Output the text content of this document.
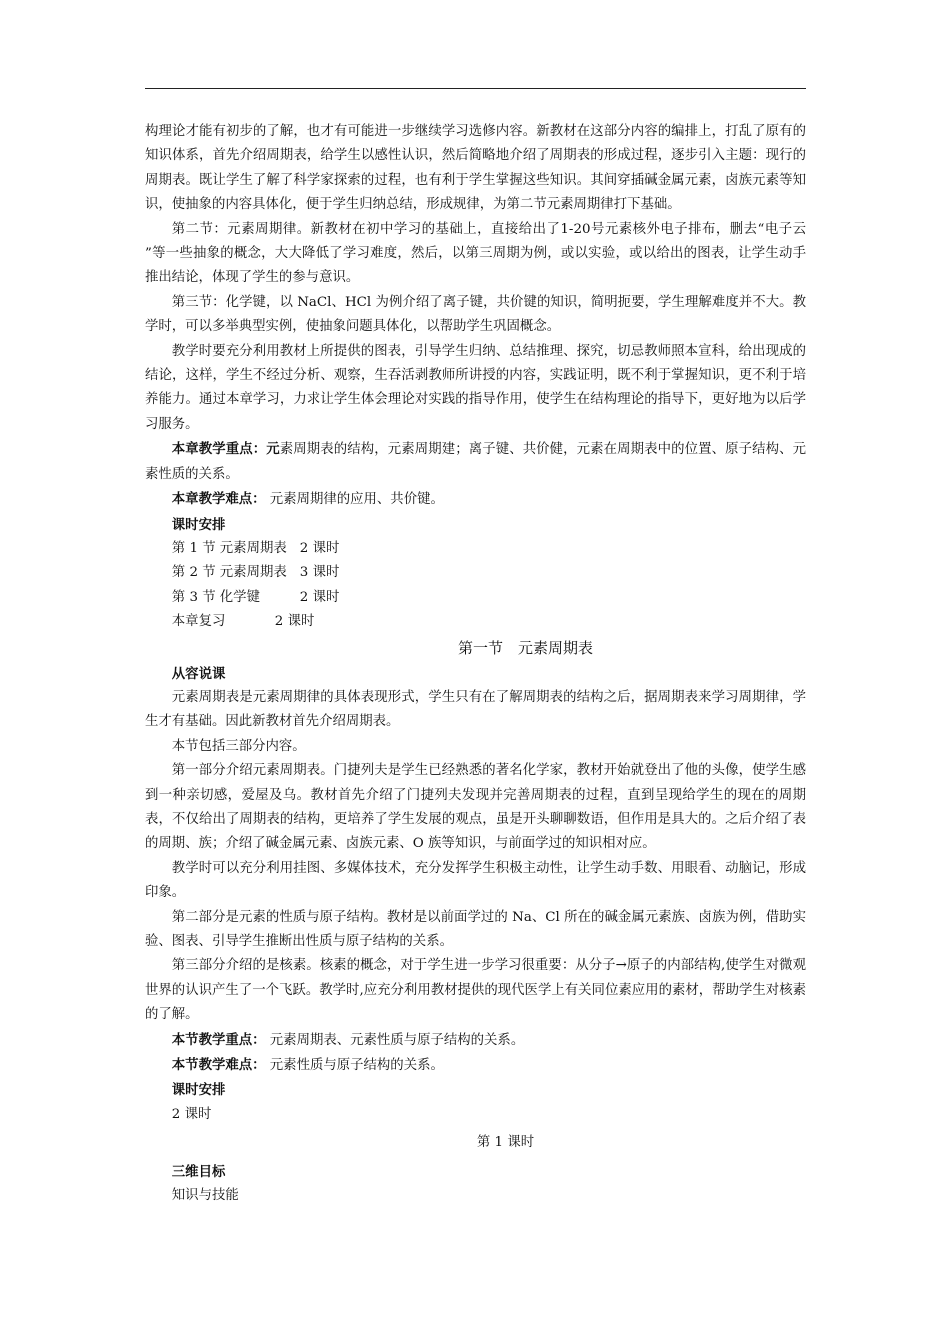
构理论才能有初步的了解，也才有可能进一步继续学习选修内容。新教材在这部分内容的编排上，打乱了原有的知识体系，首先介绍周期表，给学生以感性认识，然后简略地介绍了周期表的形成过程，逐步引入主题：现行的周期表。既让学生了解了科学家探索的过程，也有利于学生掌握这些知识。其间穿插碱金属元素，卤族元素等知识，使抽象的内容具体化，便于学生归纳总结，形成规律，为第二节元素周期律打下基础。

第二节：元素周期律。新教材在初中学习的基础上，直接给出了1-20号元素核外电子排布，删去“电子云 ”等一些抽象的概念，大大降低了学习难度，然后，以第三周期为例，或以实验，或以给出的图表，让学生动手推出结论，体现了学生的参与意识。

第三节：化学键，以 NaCl、HCl 为例介绍了离子键，共价键的知识，简明扼要，学生理解难度并不大。教学时，可以多举典型实例，使抽象问题具体化，以帮助学生巩固概念。

教学时要充分利用教材上所提供的图表，引导学生归纳、总结推理、探究，切忌教师照本宣科，给出现成的结论，这样，学生不经过分析、观察，生吞活剥教师所讲授的内容，实践证明，既不利于掌握知识，更不利于培养能力。通过本章学习，力求让学生体会理论对实践的指导作用，使学生在结构理论的指导下，更好地为以后学习服务。

本章教学重点：元素周期表的结构，元素周期建；离子键、共价健，元素在周期表中的位置、原子结构、元素性质的关系。

本章教学难点： 元素周期律的应用、共价键。

课时安排

第 1 节 元素周期表 2 课时

第 2 节 元素周期表 3 课时

第 3 节 化学键	2 课时

本章复习	2 课时

第一节　元素周期表

从容说课

元素周期表是元素周期律的具体表现形式，学生只有在了解周期表的结构之后，据周期表来学习周期律，学生才有基础。因此新教材首先介绍周期表。

本节包括三部分内容。

第一部分介绍元素周期表。门捷列夫是学生已经熟悉的著名化学家，教材开始就登出了他的头像，使学生感到一种亲切感，爱屋及乌。教材首先介绍了门捷列夫发现并完善周期表的过程，直到呈现给学生的现在的周期表，不仅给出了周期表的结构，更培养了学生发展的观点，虽是开头聊聊数语，但作用是具大的。之后介绍了表的周期、族；介绍了碱金属元素、卤族元素、O 族等知识，与前面学过的知识相对应。

教学时可以充分利用挂图、多媒体技术，充分发挥学生积极主动性，让学生动手数、用眼看、动脑记，形成印象。

第二部分是元素的性质与原子结构。教材是以前面学过的 Na、Cl 所在的碱金属元素族、卤族为例，借助实验、图表、引导学生推断出性质与原子结构的关系。

第三部分介绍的是核素。核素的概念，对于学生进一步学习很重要：从分子→原子的内部结构,使学生对微观世界的认识产生了一个飞跃。教学时,应充分利用教材提供的现代医学上有关同位素应用的素材，帮助学生对核素的了解。

本节教学重点： 元素周期表、元素性质与原子结构的关系。

本节教学难点： 元素性质与原子结构的关系。

课时安排

2 课时

第 1 课时

三维目标

知识与技能
